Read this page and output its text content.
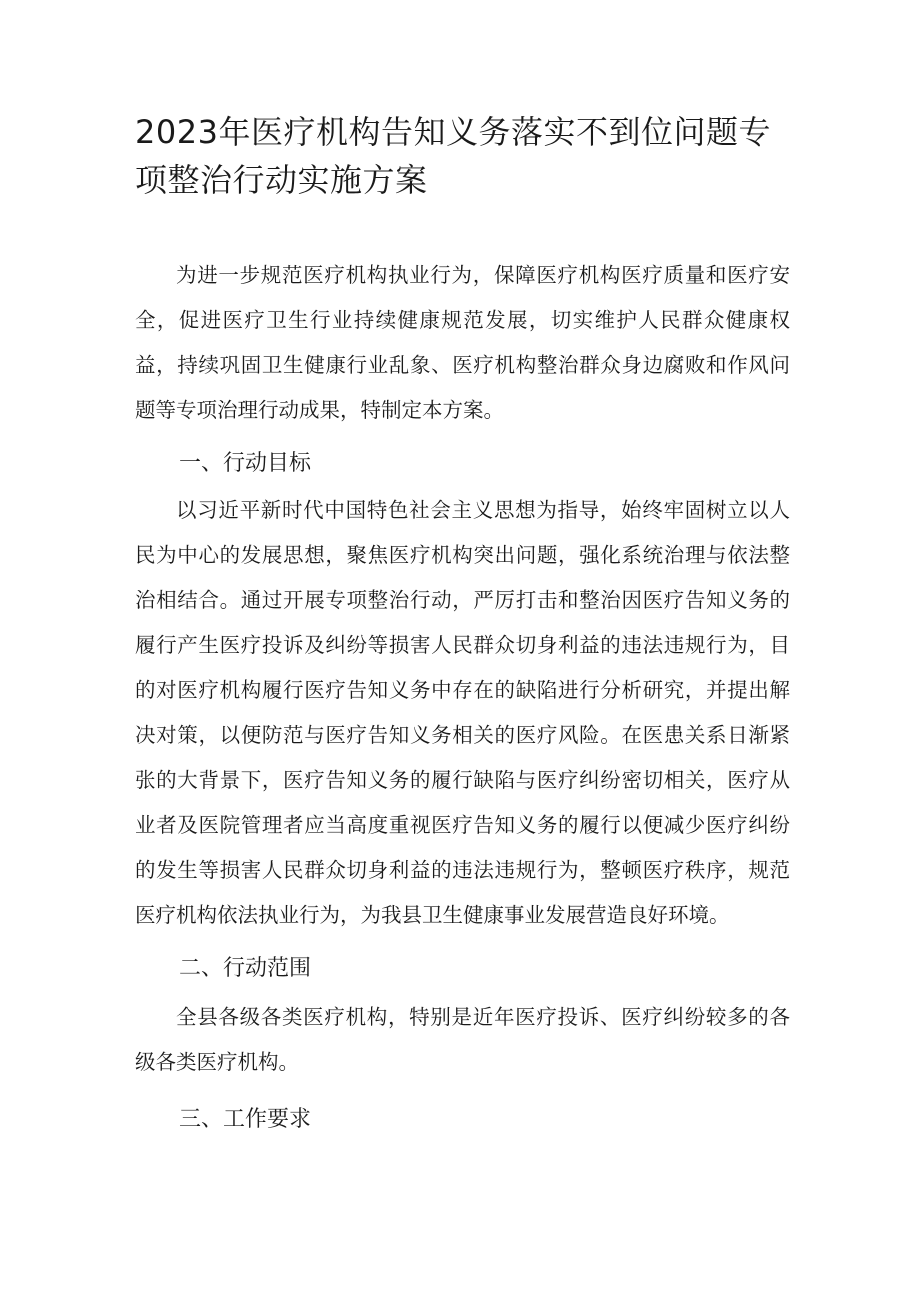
2023年医疗机构告知义务落实不到位问题专项整治行动实施方案

为进一步规范医疗机构执业行为，保障医疗机构医疗质量和医疗安全，促进医疗卫生行业持续健康规范发展，切实维护人民群众健康权益，持续巩固卫生健康行业乱象、医疗机构整治群众身边腐败和作风问题等专项治理行动成果，特制定本方案。

一、行动目标

以习近平新时代中国特色社会主义思想为指导，始终牢固树立以人民为中心的发展思想，聚焦医疗机构突出问题，强化系统治理与依法整治相结合。通过开展专项整治行动，严厉打击和整治因医疗告知义务的履行产生医疗投诉及纠纷等损害人民群众切身利益的违法违规行为，目的对医疗机构履行医疗告知义务中存在的缺陷进行分析研究，并提出解决对策，以便防范与医疗告知义务相关的医疗风险。在医患关系日渐紧张的大背景下，医疗告知义务的履行缺陷与医疗纠纷密切相关，医疗从业者及医院管理者应当高度重视医疗告知义务的履行以便减少医疗纠纷的发生等损害人民群众切身利益的违法违规行为，整顿医疗秩序，规范医疗机构依法执业行为，为我县卫生健康事业发展营造良好环境。

二、行动范围

全县各级各类医疗机构，特别是近年医疗投诉、医疗纠纷较多的各级各类医疗机构。

三、工作要求
